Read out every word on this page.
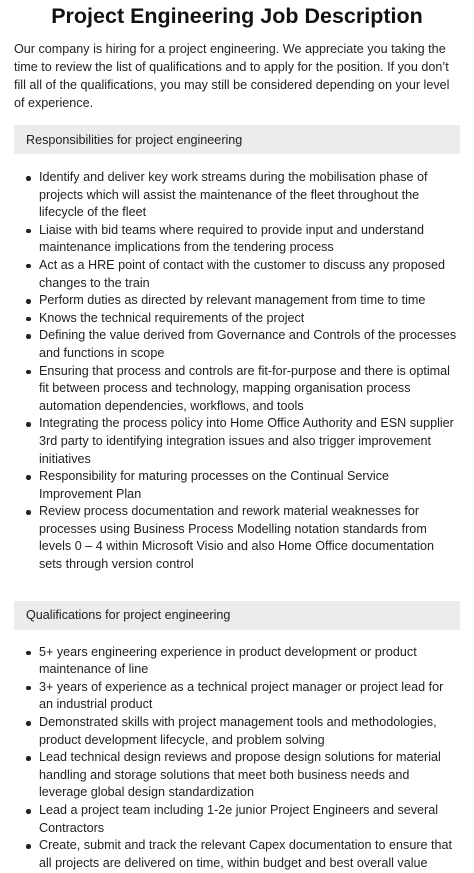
Project Engineering Job Description

Our company is hiring for a project engineering. We appreciate you taking the time to review the list of qualifications and to apply for the position. If you don’t fill all of the qualifications, you may still be considered depending on your level of experience.

Responsibilities for project engineering
Identify and deliver key work streams during the mobilisation phase of projects which will assist the maintenance of the fleet throughout the lifecycle of the fleet
Liaise with bid teams where required to provide input and understand maintenance implications from the tendering process
Act as a HRE point of contact with the customer to discuss any proposed changes to the train
Perform duties as directed by relevant management from time to time
Knows the technical requirements of the project
Defining the value derived from Governance and Controls of the processes and functions in scope
Ensuring that process and controls are fit-for-purpose and there is optimal fit between process and technology, mapping organisation process automation dependencies, workflows, and tools
Integrating the process policy into Home Office Authority and ESN supplier 3rd party to identifying integration issues and also trigger improvement initiatives
Responsibility for maturing processes on the Continual Service Improvement Plan
Review process documentation and rework material weaknesses for processes using Business Process Modelling notation standards from levels 0 – 4 within Microsoft Visio and also Home Office documentation sets through version control
Qualifications for project engineering
5+ years engineering experience in product development or product maintenance of line
3+ years of experience as a technical project manager or project lead for an industrial product
Demonstrated skills with project management tools and methodologies, product development lifecycle, and problem solving
Lead technical design reviews and propose design solutions for material handling and storage solutions that meet both business needs and leverage global design standardization
Lead a project team including 1-2e junior Project Engineers and several Contractors
Create, submit and track the relevant Capex documentation to ensure that all projects are delivered on time, within budget and best overall value
